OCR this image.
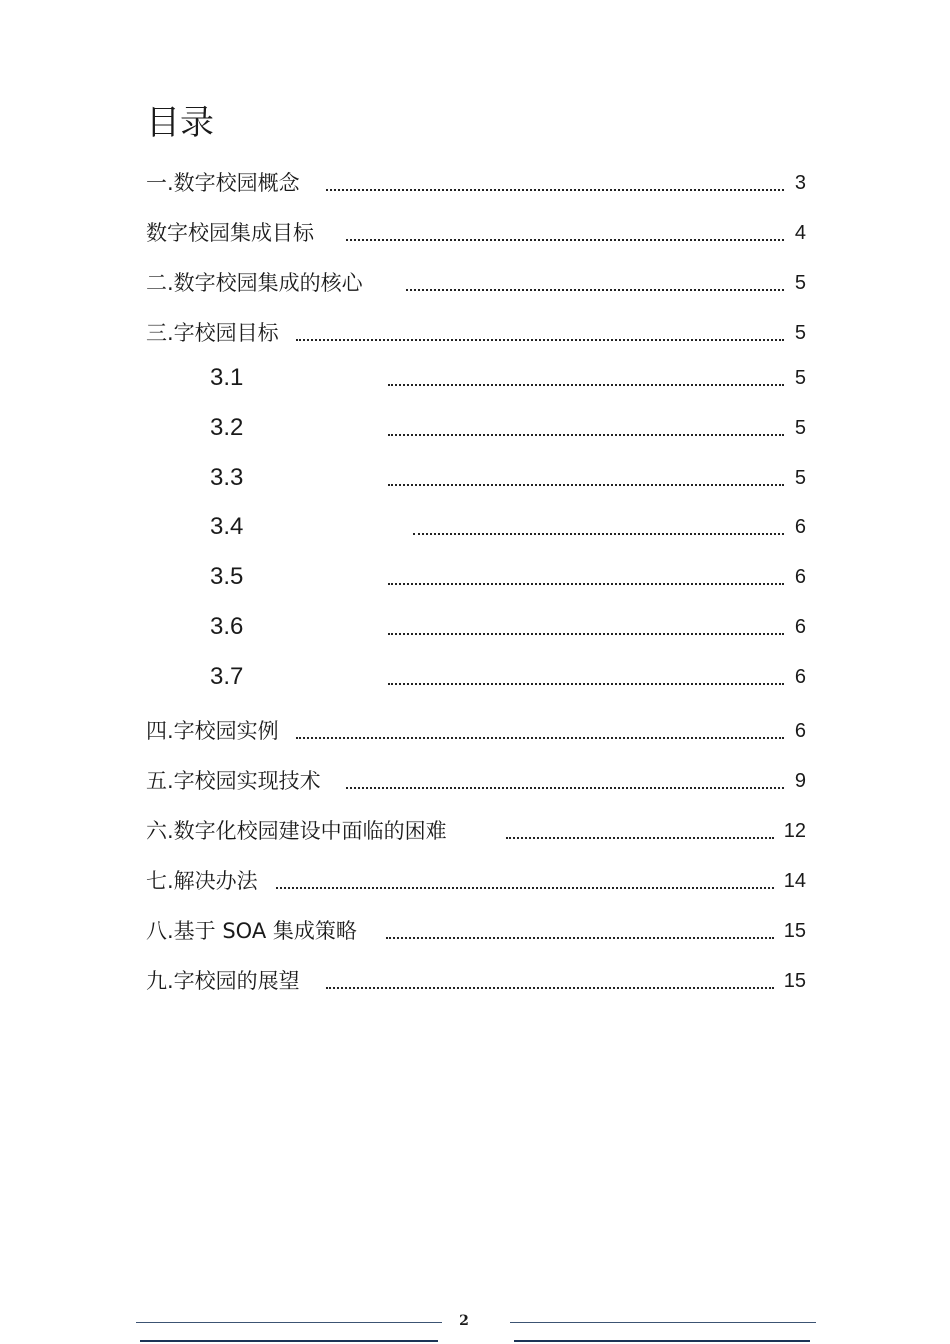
目录
一.数字校园概念	3
数字校园集成目标	4
二.数字校园集成的核心	5
三.字校园目标	5
3.1	5
3.2	5
3.3	5
3.4	6
3.5	6
3.6	6
3.7	6
四.字校园实例	6
五.字校园实现技术	9
六.数字化校园建设中面临的困难	12
七.解决办法	14
八.基于 SOA 集成策略	15
九.字校园的展望	15
2
